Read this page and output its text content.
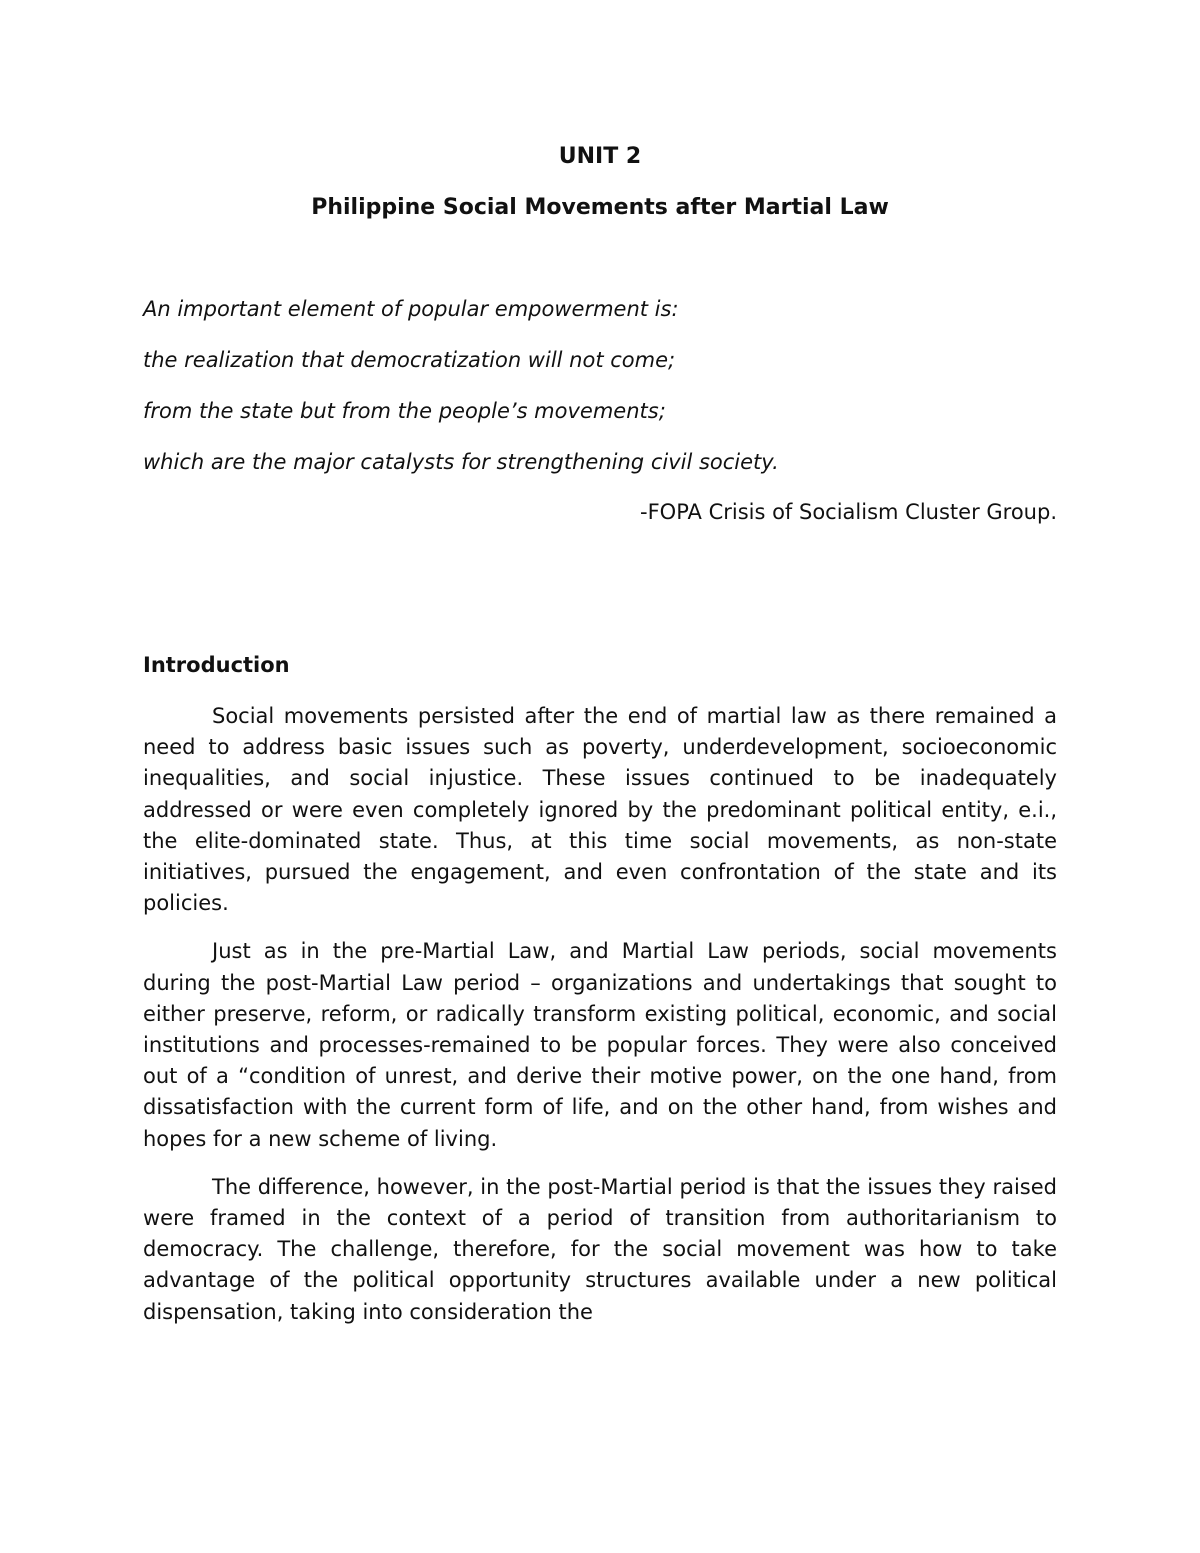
UNIT 2
Philippine Social Movements after Martial Law
An important element of popular empowerment is:
the realization that democratization will not come;
from the state but from the people’s movements;
which are the major catalysts for strengthening civil society.
-FOPA Crisis of Socialism Cluster Group.
Introduction

Social movements persisted after the end of martial law as there remained a need to address basic issues such as poverty, underdevelopment, socioeconomic inequalities, and social injustice. These issues continued to be inadequately addressed or were even completely ignored by the predominant political entity, e.i., the elite-dominated state. Thus, at this time social movements, as non-state initiatives, pursued the engagement, and even confrontation of the state and its policies.

Just as in the pre-Martial Law, and Martial Law periods, social movements during the post-Martial Law period – organizations and undertakings that sought to either preserve, reform, or radically transform existing political, economic, and social institutions and processes-remained to be popular forces. They were also conceived out of a “condition of unrest, and derive their motive power, on the one hand, from dissatisfaction with the current form of life, and on the other hand, from wishes and hopes for a new scheme of living.

The difference, however, in the post-Martial period is that the issues they raised were framed in the context of a period of transition from authoritarianism to democracy. The challenge, therefore, for the social movement was how to take advantage of the political opportunity structures available under a new political dispensation, taking into consideration the
